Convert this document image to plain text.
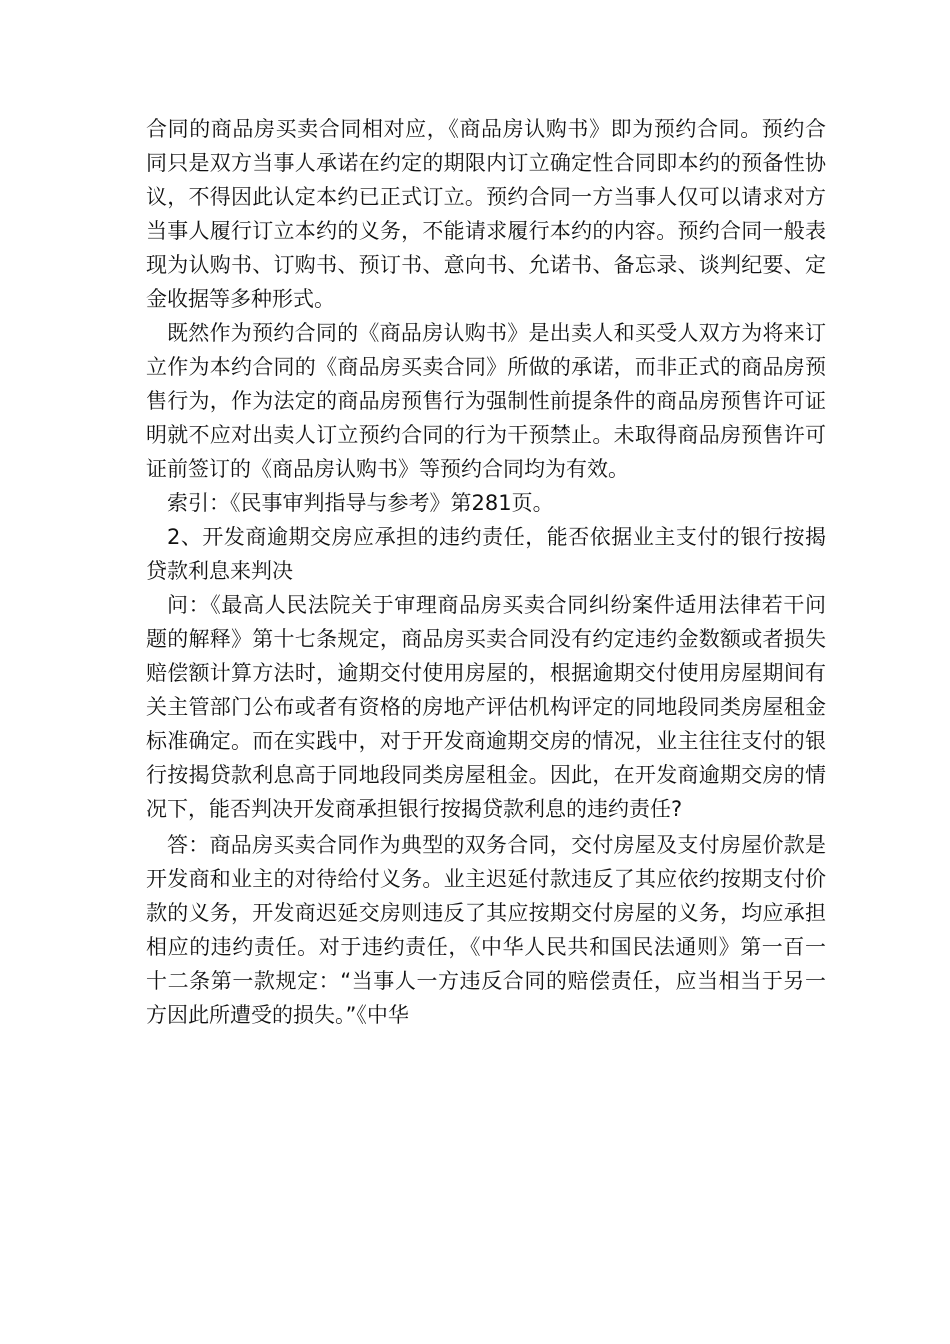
合同的商品房买卖合同相对应，《商品房认购书》即为预约合同。预约合同只是双方当事人承诺在约定的期限内订立确定性合同即本约的预备性协议，不得因此认定本约已正式订立。预约合同一方当事人仅可以请求对方当事人履行订立本约的义务，不能请求履行本约的内容。预约合同一般表现为认购书、订购书、预订书、意向书、允诺书、备忘录、谈判纪要、定金收据等多种形式。

既然作为预约合同的《商品房认购书》是出卖人和买受人双方为将来订立作为本约合同的《商品房买卖合同》所做的承诺，而非正式的商品房预售行为，作为法定的商品房预售行为强制性前提条件的商品房预售许可证明就不应对出卖人订立预约合同的行为干预禁止。未取得商品房预售许可证前签订的《商品房认购书》等预约合同均为有效。

索引：《民事审判指导与参考》第281页。

2、开发商逾期交房应承担的违约责任，能否依据业主支付的银行按揭贷款利息来判决

问：《最高人民法院关于审理商品房买卖合同纠纷案件适用法律若干问题的解释》第十七条规定，商品房买卖合同没有约定违约金数额或者损失赔偿额计算方法时，逾期交付使用房屋的，根据逾期交付使用房屋期间有关主管部门公布或者有资格的房地产评估机构评定的同地段同类房屋租金标准确定。而在实践中，对于开发商逾期交房的情况，业主往往支付的银行按揭贷款利息高于同地段同类房屋租金。因此，在开发商逾期交房的情况下，能否判决开发商承担银行按揭贷款利息的违约责任?

答：商品房买卖合同作为典型的双务合同，交付房屋及支付房屋价款是开发商和业主的对待给付义务。业主迟延付款违反了其应依约按期支付价款的义务，开发商迟延交房则违反了其应按期交付房屋的义务，均应承担相应的违约责任。对于违约责任，《中华人民共和国民法通则》第一百一十二条第一款规定：“当事人一方违反合同的赔偿责任，应当相当于另一方因此所遭受的损失。”《中华
